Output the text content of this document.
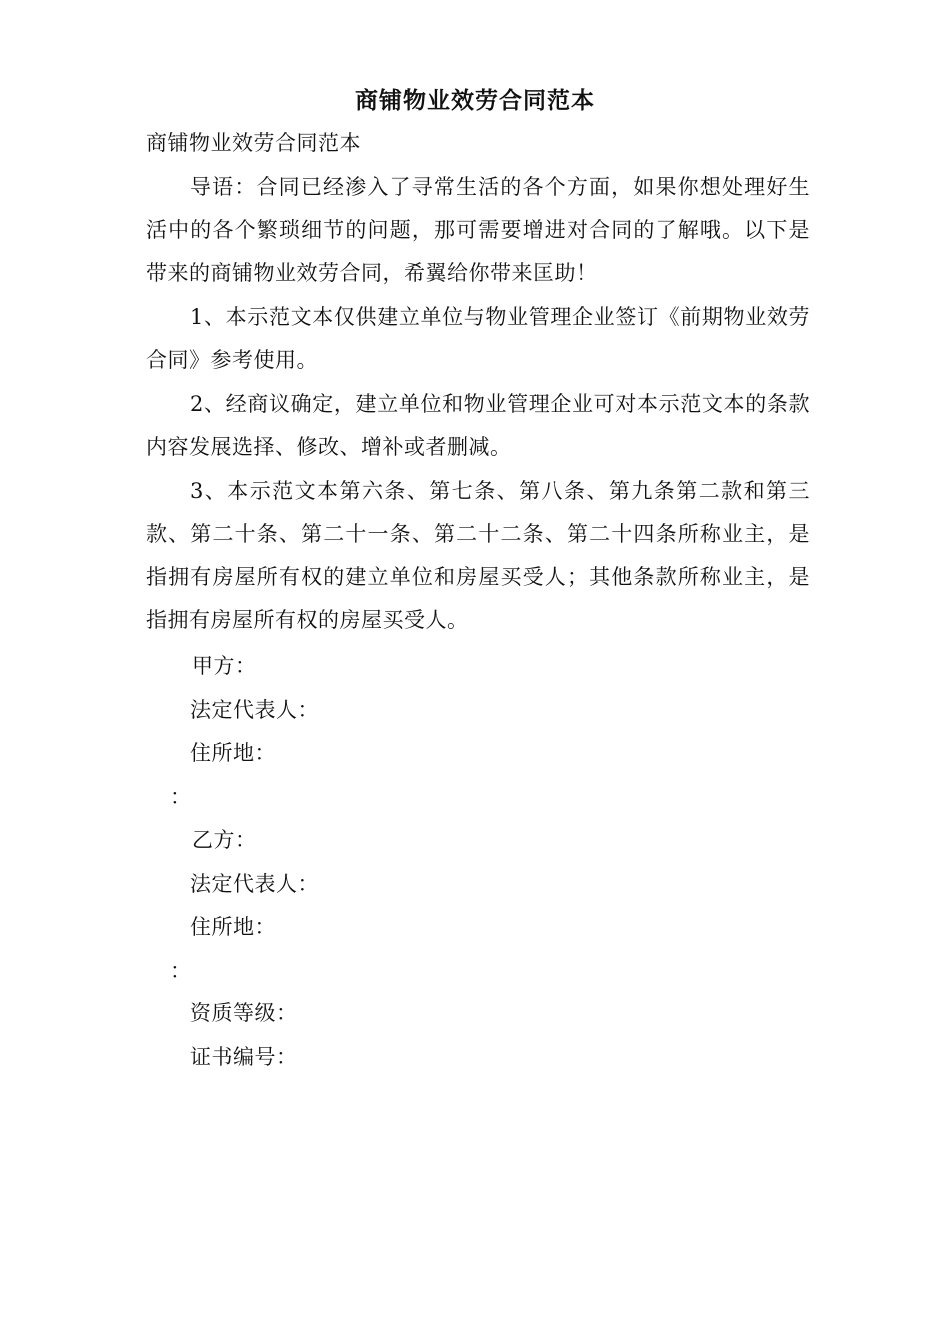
商铺物业效劳合同范本
商铺物业效劳合同范本

导语：合同已经渗入了寻常生活的各个方面，如果你想处理好生活中的各个繁琐细节的问题，那可需要增进对合同的了解哦。以下是带来的商铺物业效劳合同，希翼给你带来匡助！

1、本示范文本仅供建立单位与物业管理企业签订《前期物业效劳合同》参考使用。

2、经商议确定，建立单位和物业管理企业可对本示范文本的条款内容发展选择、修改、增补或者删减。

3、本示范文本第六条、第七条、第八条、第九条第二款和第三款、第二十条、第二十一条、第二十二条、第二十四条所称业主，是指拥有房屋所有权的建立单位和房屋买受人；其他条款所称业主，是指拥有房屋所有权的房屋买受人。

甲方：
法定代表人：
住所地：
：
乙方：
法定代表人：
住所地：
：
资质等级：
证书编号：
